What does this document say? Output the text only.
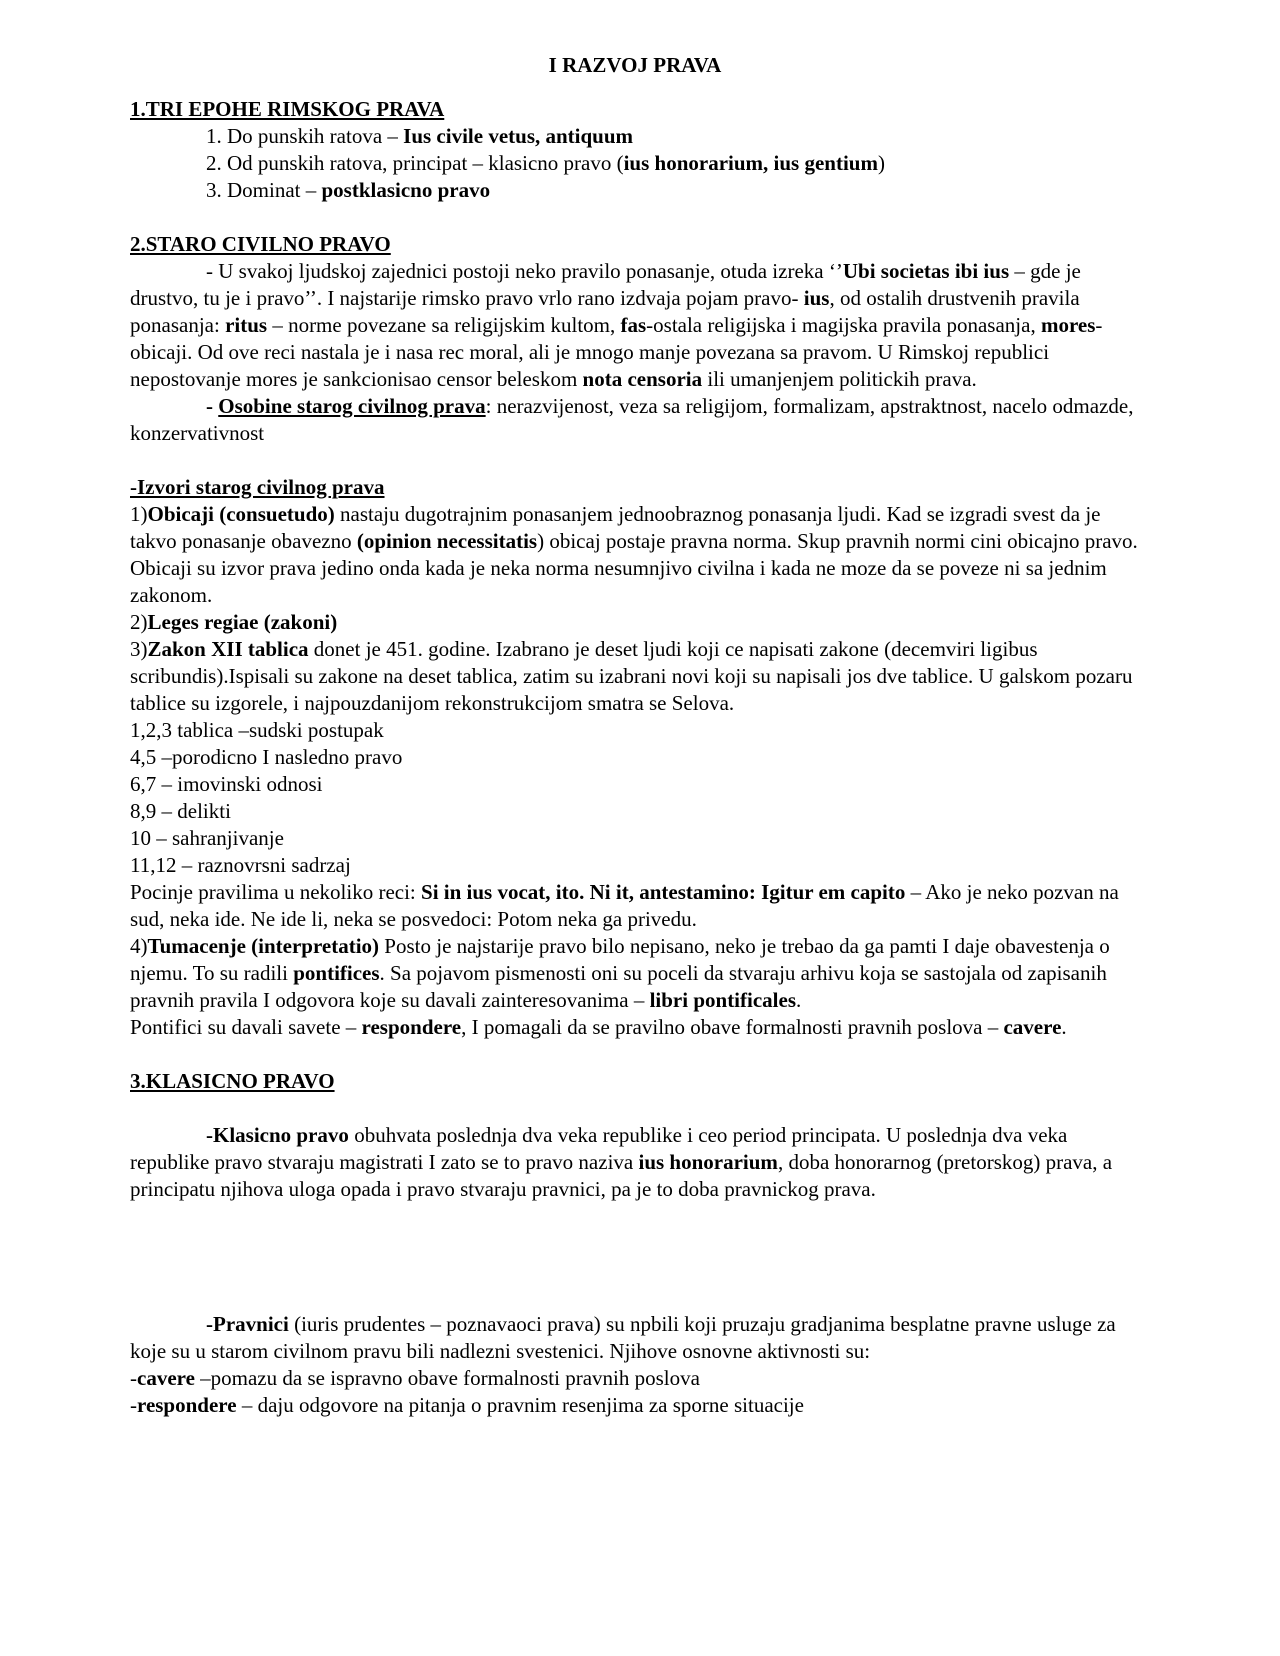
I RAZVOJ PRAVA

1.TRI EPOHE RIMSKOG PRAVA

1. Do punskih ratova – Ius civile vetus, antiquum

2. Od punskih ratova, principat – klasicno pravo (ius honorarium, ius gentium)

3. Dominat – postklasicno pravo

2.STARO CIVILNO PRAVO

- U svakoj ljudskoj zajednici postoji neko pravilo ponasanje, otuda izreka ‘’Ubi societas ibi ius – gde je drustvo, tu je i pravo’’. I najstarije rimsko pravo vrlo rano izdvaja pojam pravo- ius, od ostalih drustvenih pravila ponasanja: ritus – norme povezane sa religijskim kultom, fas-ostala religijska i magijska pravila ponasanja, mores-obicaji. Od ove reci nastala je i nasa rec moral, ali je mnogo manje povezana sa pravom. U Rimskoj republici nepostovanje mores je sankcionisao censor beleskom nota censoria ili umanjenjem politickih prava.

- Osobine starog civilnog prava: nerazvijenost, veza sa religijom, formalizam, apstraktnost, nacelo odmazde, konzervativnost

-Izvori starog civilnog prava

1)Obicaji (consuetudo) nastaju dugotrajnim ponasanjem jednoobraznog ponasanja ljudi. Kad se izgradi svest da je takvo ponasanje obavezno (opinion necessitatis) obicaj postaje pravna norma. Skup pravnih normi cini obicajno pravo. Obicaji su izvor prava jedino onda kada je neka norma nesumnjivo civilna i kada ne moze da se poveze ni sa jednim zakonom.

2)Leges regiae (zakoni)

3)Zakon XII tablica donet je 451. godine. Izabrano je deset ljudi koji ce napisati zakone (decemviri ligibus scribundis).Ispisali su zakone na deset tablica, zatim su izabrani novi koji su napisali jos dve tablice. U galskom pozaru tablice su izgorele, i najpouzdanijom rekonstrukcijom smatra se Selova.

1,2,3 tablica –sudski postupak

4,5 –porodicno I nasledno pravo

6,7 – imovinski odnosi

8,9 – delikti

10 – sahranjivanje

11,12 – raznovrsni sadrzaj

Pocinje pravilima u nekoliko reci: Si in ius vocat, ito. Ni it, antestamino: Igitur em capito – Ako je neko pozvan na sud, neka ide. Ne ide li, neka se posvedoci: Potom neka ga privedu.

4)Tumacenje (interpretatio) Posto je najstarije pravo bilo nepisano, neko je trebao da ga pamti I daje obavestenja o njemu. To su radili pontifices. Sa pojavom pismenosti oni su poceli da stvaraju arhivu koja se sastojala od zapisanih pravnih pravila I odgovora koje su davali zainteresovanima – libri pontificales.

Pontifici su davali savete – respondere, I pomagali da se pravilno obave formalnosti pravnih poslova – cavere.

3.KLASICNO PRAVO

-Klasicno pravo obuhvata poslednja dva veka republike i ceo period principata. U poslednja dva veka republike pravo stvaraju magistrati I zato se to pravo naziva ius honorarium, doba honorarnog (pretorskog) prava, a principatu njihova uloga opada i pravo stvaraju pravnici, pa je to doba pravnickog prava.

-Pravnici (iuris prudentes – poznavaoci prava) su npbili koji pruzaju gradjanima besplatne pravne usluge za koje su u starom civilnom pravu bili nadlezni svestenici. Njihove osnovne aktivnosti su:

-cavere –pomazu da se ispravno obave formalnosti pravnih poslova

-respondere – daju odgovore na pitanja o pravnim resenjima za sporne situacije
